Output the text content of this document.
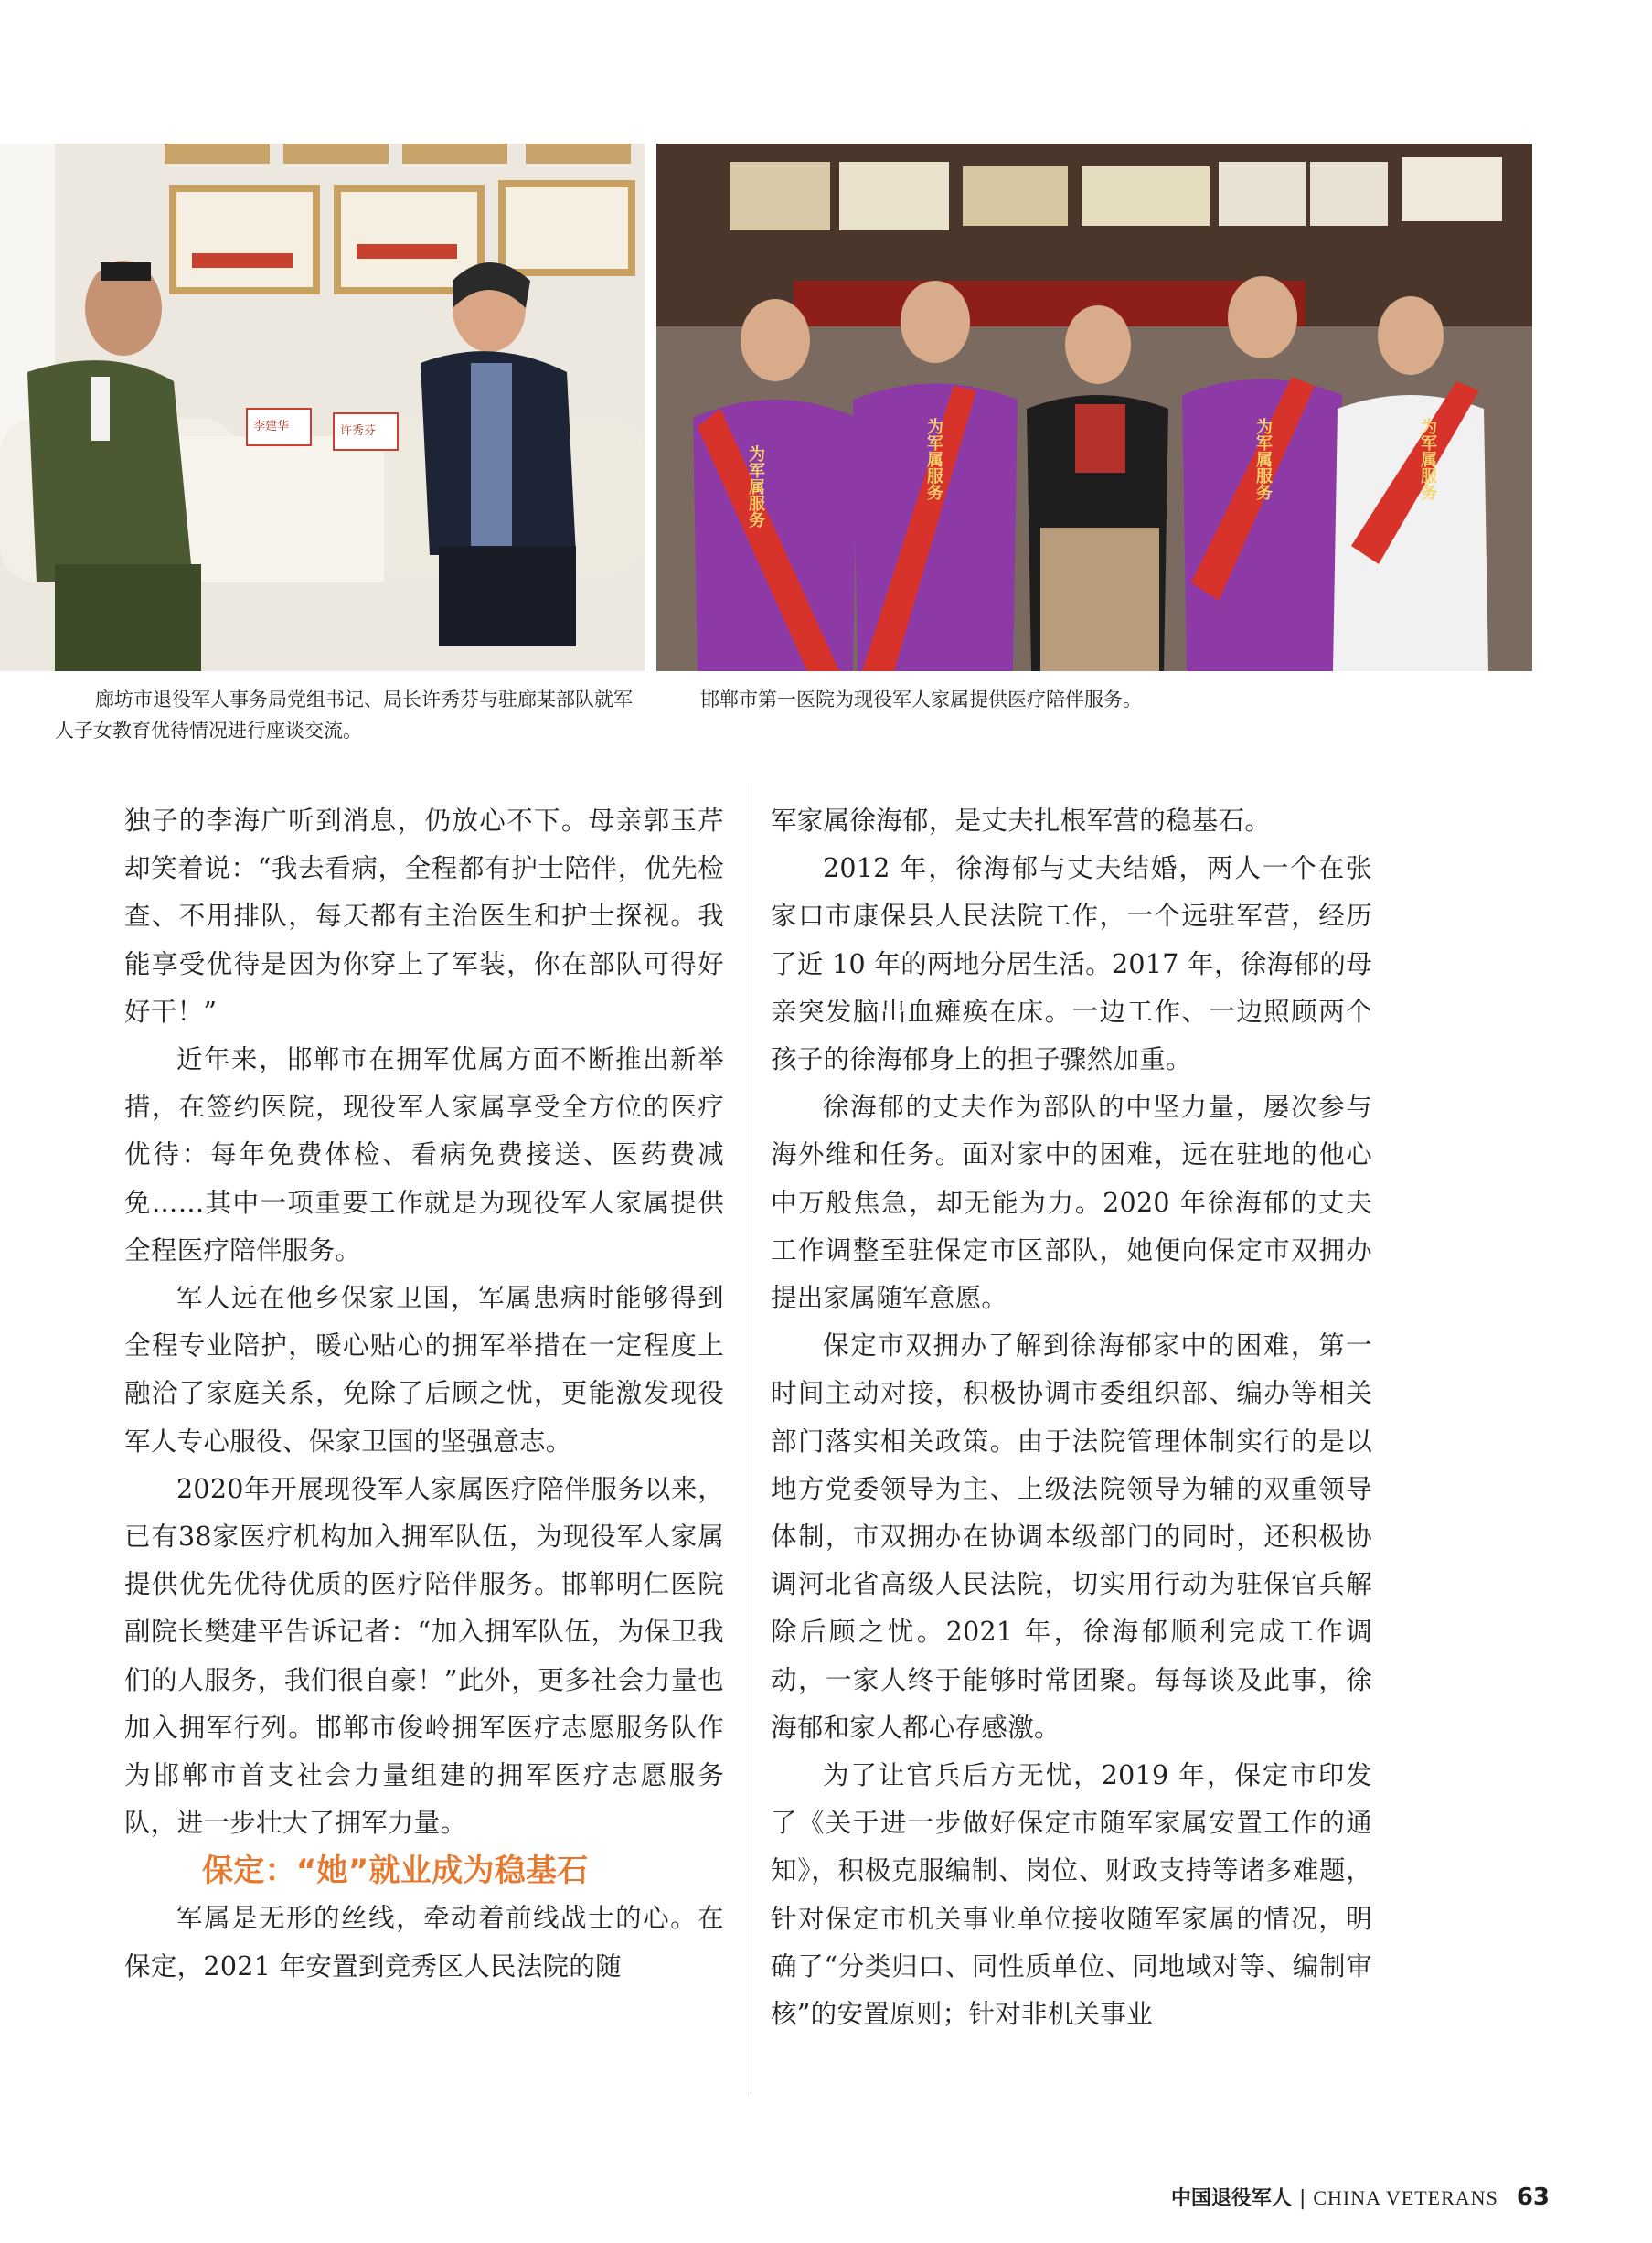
李建华	许秀芬
为军属服务	为军属服务	为军属服务	为军属服务
廊坊市退役军人事务局党组书记、局长许秀芬与驻廊某部队就军人子女教育优待情况进行座谈交流。
邯郸市第一医院为现役军人家属提供医疗陪伴服务。

独子的李海广听到消息，仍放心不下。母亲郭玉芹却笑着说：“我去看病，全程都有护士陪伴，优先检查、不用排队，每天都有主治医生和护士探视。我能享受优待是因为你穿上了军装，你在部队可得好好干！”

近年来，邯郸市在拥军优属方面不断推出新举措，在签约医院，现役军人家属享受全方位的医疗优待：每年免费体检、看病免费接送、医药费减免……其中一项重要工作就是为现役军人家属提供全程医疗陪伴服务。

军人远在他乡保家卫国，军属患病时能够得到全程专业陪护，暖心贴心的拥军举措在一定程度上融洽了家庭关系，免除了后顾之忧，更能激发现役军人专心服役、保家卫国的坚强意志。

2020年开展现役军人家属医疗陪伴服务以来，已有38家医疗机构加入拥军队伍，为现役军人家属提供优先优待优质的医疗陪伴服务。邯郸明仁医院副院长樊建平告诉记者：“加入拥军队伍，为保卫我们的人服务，我们很自豪！”此外，更多社会力量也加入拥军行列。邯郸市俊岭拥军医疗志愿服务队作为邯郸市首支社会力量组建的拥军医疗志愿服务队，进一步壮大了拥军力量。

保定：“她”就业成为稳基石

军属是无形的丝线，牵动着前线战士的心。在保定，2021 年安置到竞秀区人民法院的随

军家属徐海郁，是丈夫扎根军营的稳基石。

2012 年，徐海郁与丈夫结婚，两人一个在张家口市康保县人民法院工作，一个远驻军营，经历了近 10 年的两地分居生活。2017 年，徐海郁的母亲突发脑出血瘫痪在床。一边工作、一边照顾两个孩子的徐海郁身上的担子骤然加重。

徐海郁的丈夫作为部队的中坚力量，屡次参与海外维和任务。面对家中的困难，远在驻地的他心中万般焦急，却无能为力。2020 年徐海郁的丈夫工作调整至驻保定市区部队，她便向保定市双拥办提出家属随军意愿。

保定市双拥办了解到徐海郁家中的困难，第一时间主动对接，积极协调市委组织部、编办等相关部门落实相关政策。由于法院管理体制实行的是以地方党委领导为主、上级法院领导为辅的双重领导体制，市双拥办在协调本级部门的同时，还积极协调河北省高级人民法院，切实用行动为驻保官兵解除后顾之忧。2021 年，徐海郁顺利完成工作调动，一家人终于能够时常团聚。每每谈及此事，徐海郁和家人都心存感激。

为了让官兵后方无忧，2019 年，保定市印发了《关于进一步做好保定市随军家属安置工作的通知》，积极克服编制、岗位、财政支持等诸多难题，针对保定市机关事业单位接收随军家属的情况，明确了“分类归口、同性质单位、同地域对等、编制审核”的安置原则；针对非机关事业

中国退役军人 | CHINA VETERANS 63
